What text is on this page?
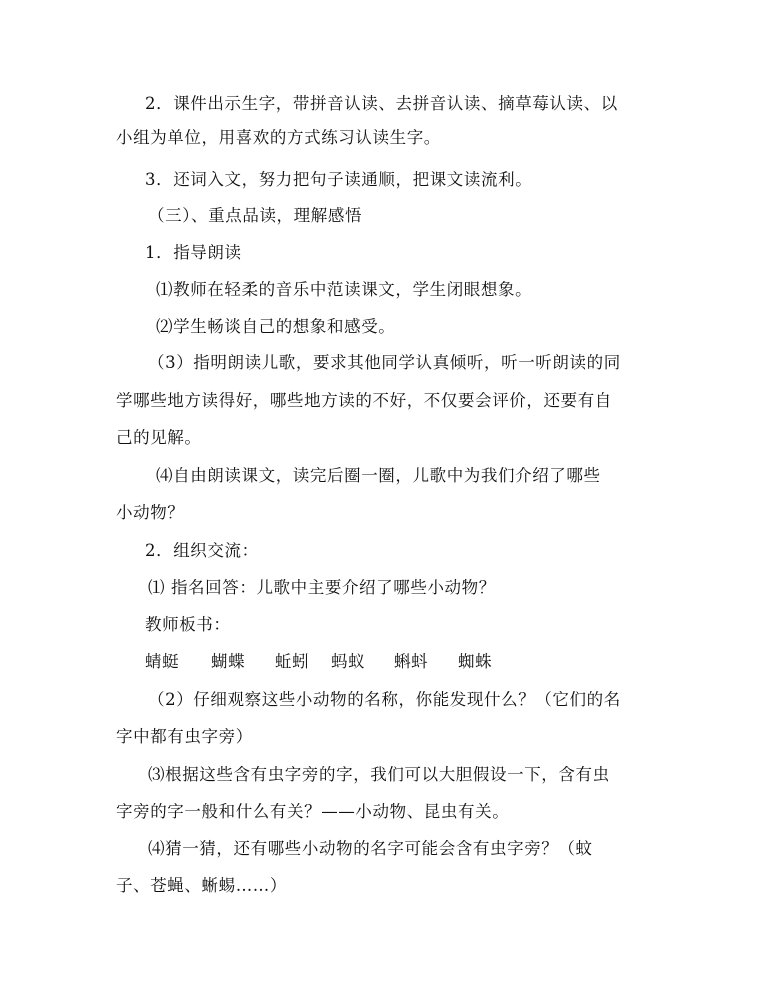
2．课件出示生字，带拼音认读、去拼音认读、摘草莓认读、以
小组为单位，用喜欢的方式练习认读生字。
3．还词入文，努力把句子读通顺，把课文读流利。
（三）、重点品读，理解感悟
1．指导朗读
⑴教师在轻柔的音乐中范读课文，学生闭眼想象。
⑵学生畅谈自己的想象和感受。
（3）指明朗读儿歌，要求其他同学认真倾听，听一听朗读的同
学哪些地方读得好，哪些地方读的不好，不仅要会评价，还要有自
己的见解。
⑷自由朗读课文，读完后圈一圈，儿歌中为我们介绍了哪些
小动物？
2．组织交流：
⑴ 指名回答：儿歌中主要介绍了哪些小动物？
教师板书：
蜻蜓 蝴蝶 蚯蚓 蚂蚁 蝌蚪 蜘蛛
（2）仔细观察这些小动物的名称，你能发现什么？（它们的名
字中都有虫字旁）
⑶根据这些含有虫字旁的字，我们可以大胆假设一下，含有虫
字旁的字一般和什么有关？——小动物、昆虫有关。
⑷猜一猜，还有哪些小动物的名字可能会含有虫字旁？（蚊
子、苍蝇、蜥蜴……）
